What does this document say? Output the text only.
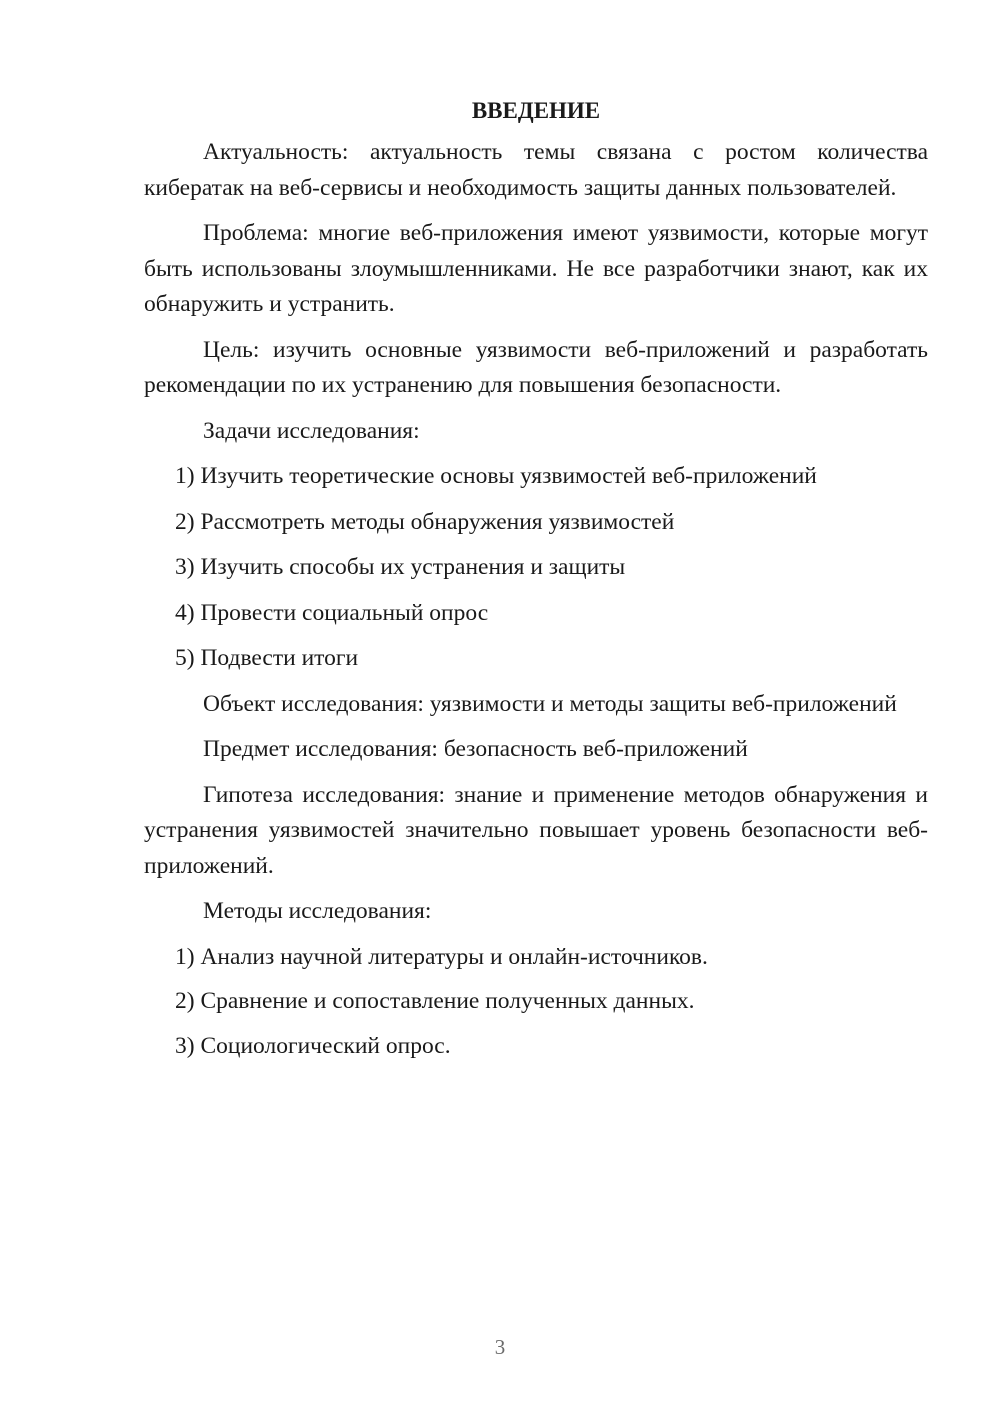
ВВЕДЕНИЕ

Актуальность: актуальность темы связана с ростом количества кибератак на веб-сервисы и необходимость защиты данных пользователей.

Проблема: многие веб-приложения имеют уязвимости, которые могут быть использованы злоумышленниками. Не все разработчики знают, как их обнаружить и устранить.

Цель: изучить основные уязвимости веб-приложений и разработать рекомендации по их устранению для повышения безопасности.

Задачи исследования:

1) Изучить теоретические основы уязвимостей веб-приложений
2) Рассмотреть методы обнаружения уязвимостей
3) Изучить способы их устранения и защиты
4) Провести социальный опрос
5) Подвести итоги

Объект исследования: уязвимости и методы защиты веб-приложений

Предмет исследования: безопасность веб-приложений

Гипотеза исследования: знание и применение методов обнаружения и устранения уязвимостей значительно повышает уровень безопасности веб-приложений.

Методы исследования:

1) Анализ научной литературы и онлайн-источников.
2) Сравнение и сопоставление полученных данных.
3) Социологический опрос.
3
